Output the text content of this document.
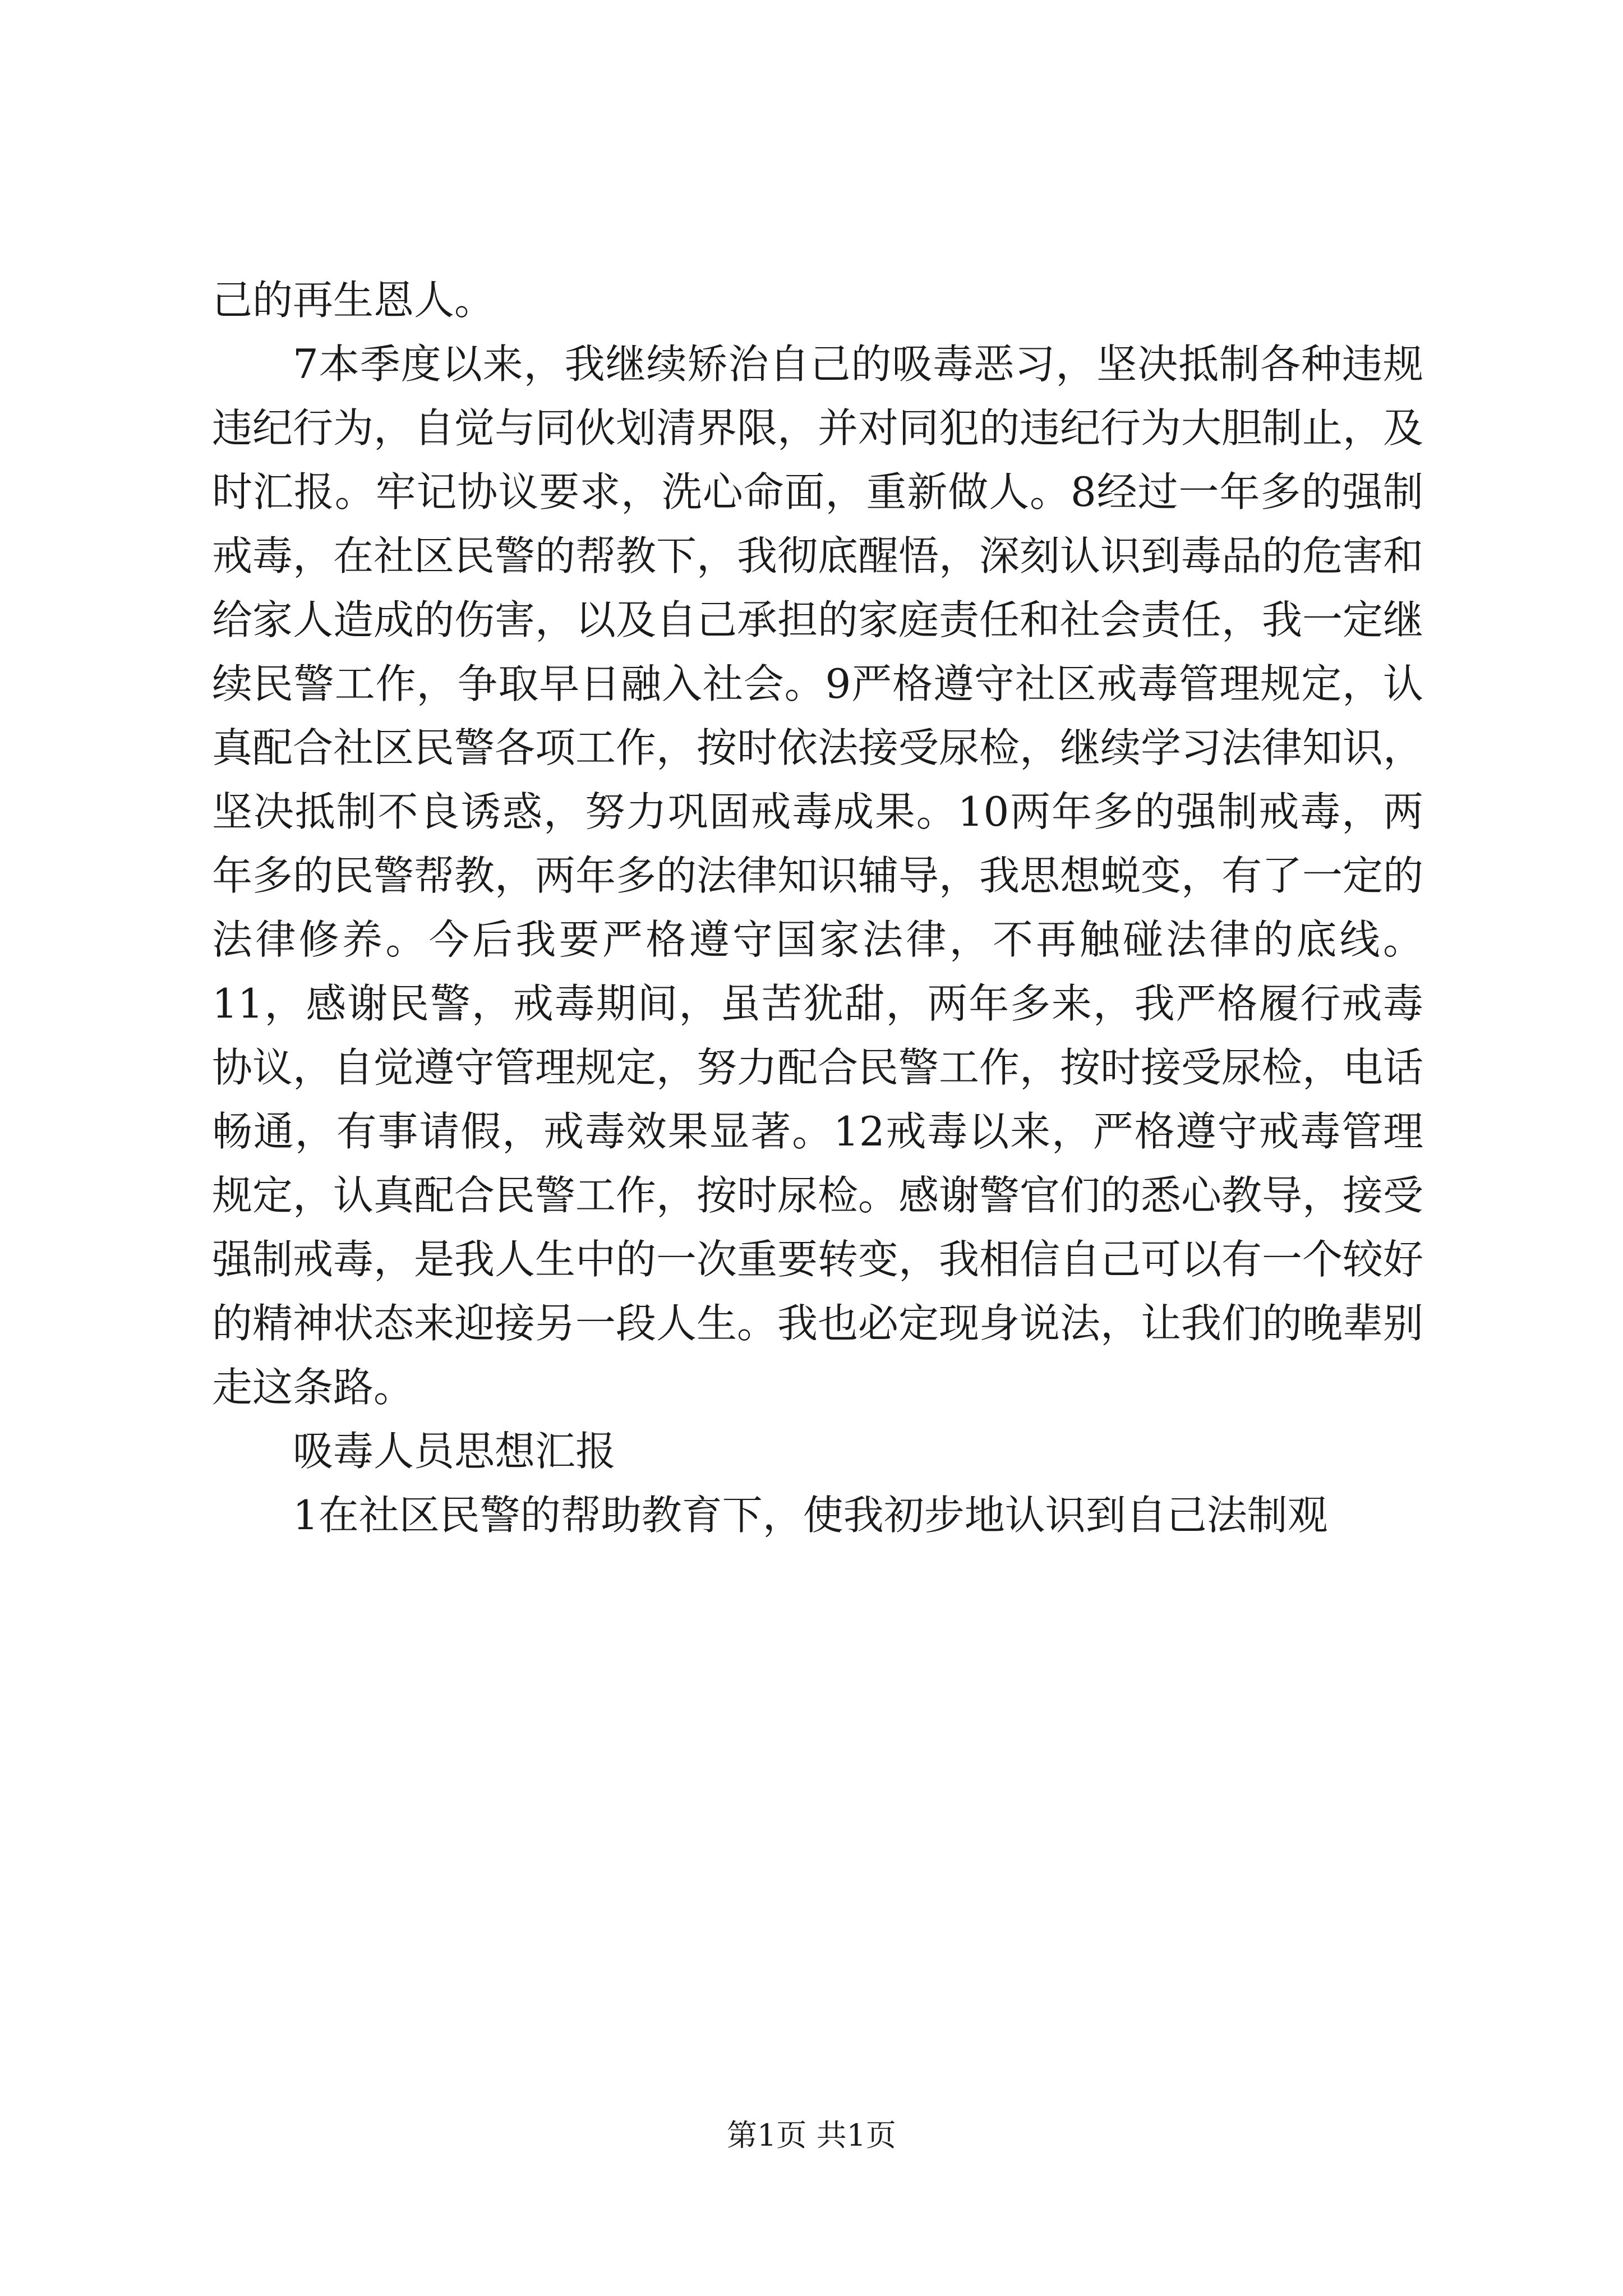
己的再生恩人。

7本季度以来，我继续矫治自己的吸毒恶习，坚决抵制各种违规违纪行为，自觉与同伙划清界限，并对同犯的违纪行为大胆制止，及时汇报。牢记协议要求，洗心命面，重新做人。8经过一年多的强制戒毒，在社区民警的帮教下，我彻底醒悟，深刻认识到毒品的危害和给家人造成的伤害，以及自己承担的家庭责任和社会责任，我一定继续民警工作，争取早日融入社会。9严格遵守社区戒毒管理规定，认真配合社区民警各项工作，按时依法接受尿检，继续学习法律知识，坚决抵制不良诱惑，努力巩固戒毒成果。10两年多的强制戒毒，两年多的民警帮教，两年多的法律知识辅导，我思想蜕变，有了一定的法律修养。今后我要严格遵守国家法律，不再触碰法律的底线。11，感谢民警，戒毒期间，虽苦犹甜，两年多来，我严格履行戒毒协议，自觉遵守管理规定，努力配合民警工作，按时接受尿检，电话畅通，有事请假，戒毒效果显著。12戒毒以来，严格遵守戒毒管理规定，认真配合民警工作，按时尿检。感谢警官们的悉心教导，接受强制戒毒，是我人生中的一次重要转变，我相信自己可以有一个较好的精神状态来迎接另一段人生。我也必定现身说法，让我们的晚辈别走这条路。

吸毒人员思想汇报

1在社区民警的帮助教育下，使我初步地认识到自己法制观

第1页 共1页
